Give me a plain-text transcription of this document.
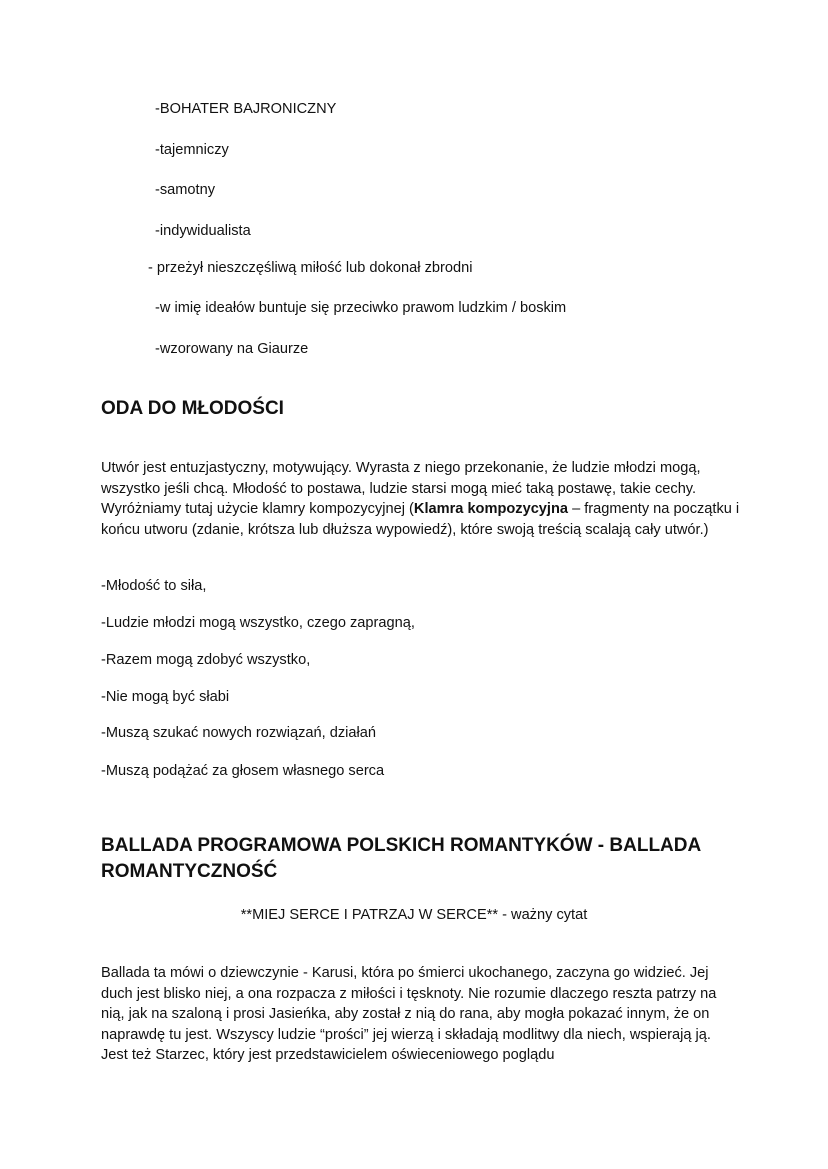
-BOHATER BAJRONICZNY
-tajemniczy
-samotny
-indywidualista
- przeżył nieszczęśliwą miłość lub dokonał zbrodni
-w imię ideałów buntuje się przeciwko prawom ludzkim / boskim
-wzorowany na Giaurze
ODA DO MŁODOŚCI
Utwór jest entuzjastyczny, motywujący. Wyrasta z niego przekonanie, że ludzie młodzi mogą, wszystko jeśli chcą. Młodość to postawa, ludzie starsi mogą mieć taką postawę, takie cechy. Wyróżniamy tutaj użycie klamry kompozycyjnej (Klamra kompozycyjna – fragmenty na początku i końcu utworu (zdanie, krótsza lub dłuższa wypowiedź), które swoją treścią scalają cały utwór.)
-Młodość to siła,
-Ludzie młodzi mogą wszystko, czego zapragną,
-Razem mogą zdobyć wszystko,
-Nie mogą być słabi
-Muszą szukać nowych rozwiązań, działań
-Muszą podążać za głosem własnego serca
BALLADA PROGRAMOWA POLSKICH ROMANTYKÓW - BALLADA
ROMANTYCZNOŚĆ
**MIEJ SERCE I PATRZAJ W SERCE** - ważny cytat
Ballada ta mówi o dziewczynie - Karusi, która po śmierci ukochanego, zaczyna go widzieć. Jej duch jest blisko niej, a ona rozpacza z miłości i tęsknoty. Nie rozumie dlaczego reszta patrzy na nią, jak na szaloną i prosi Jasieńka, aby został z nią do rana, aby mogła pokazać innym, że on naprawdę tu jest. Wszyscy ludzie “prości” jej wierzą i składają modlitwy dla niech, wspierają ją. Jest też Starzec, który jest przedstawicielem oświeceniowego poglądu
